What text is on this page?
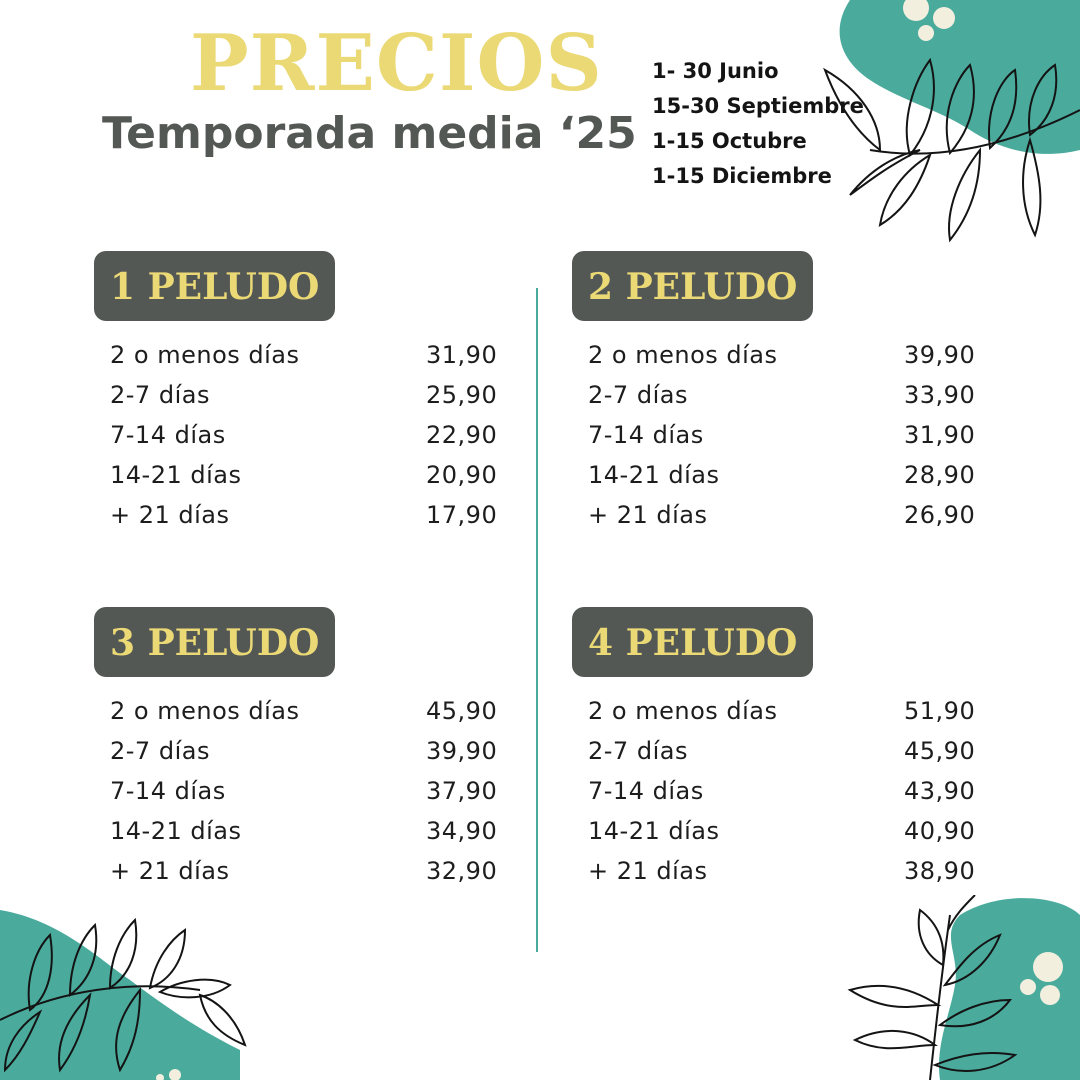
PRECIOS
Temporada media ‘25
1- 30 Junio
15-30 Septiembre
1-15 Octubre
1-15 Diciembre
1 PELUDO
2 o menos días	31,90
2-7 días	25,90
7-14 días	22,90
14-21 días	20,90
+ 21 días	17,90
2 PELUDO
2 o menos días	39,90
2-7 días	33,90
7-14 días	31,90
14-21 días	28,90
+ 21 días	26,90
3 PELUDO
2 o menos días	45,90
2-7 días	39,90
7-14 días	37,90
14-21 días	34,90
+ 21 días	32,90
4 PELUDO
2 o menos días	51,90
2-7 días	45,90
7-14 días	43,90
14-21 días	40,90
+ 21 días	38,90
